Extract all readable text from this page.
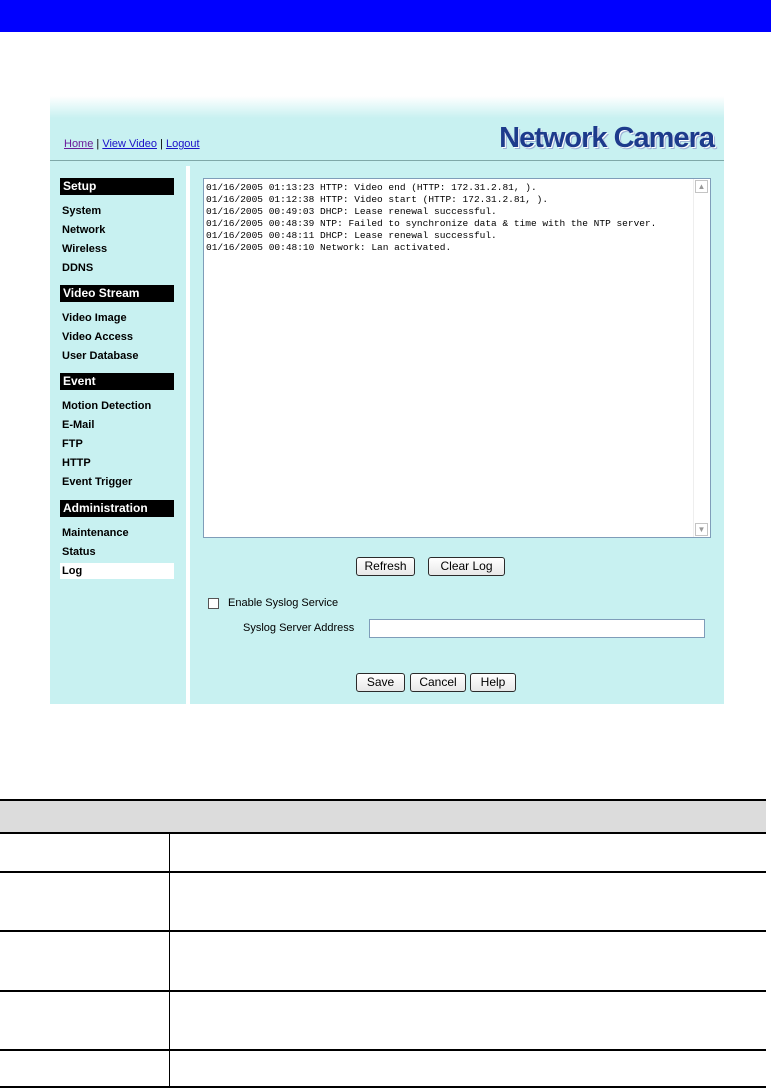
Home | View Video | Logout	Network Camera
Setup
System
Network
Wireless
DDNS
Video Stream
Video Image
Video Access
User Database
Event
Motion Detection
E-Mail
FTP
HTTP
Event Trigger
Administration
Maintenance
Status
Log
01/16/2005 01:13:23 HTTP: Video end (HTTP: 172.31.2.81, ).
01/16/2005 01:12:38 HTTP: Video start (HTTP: 172.31.2.81, ).
01/16/2005 00:49:03 DHCP: Lease renewal successful.
01/16/2005 00:48:39 NTP: Failed to synchronize data & time with the NTP server.
01/16/2005 00:48:11 DHCP: Lease renewal successful.
01/16/2005 00:48:10 Network: Lan activated.
▲
▼
Refresh	Clear Log
Enable Syslog Service
Syslog Server Address
Save	Cancel	Help
